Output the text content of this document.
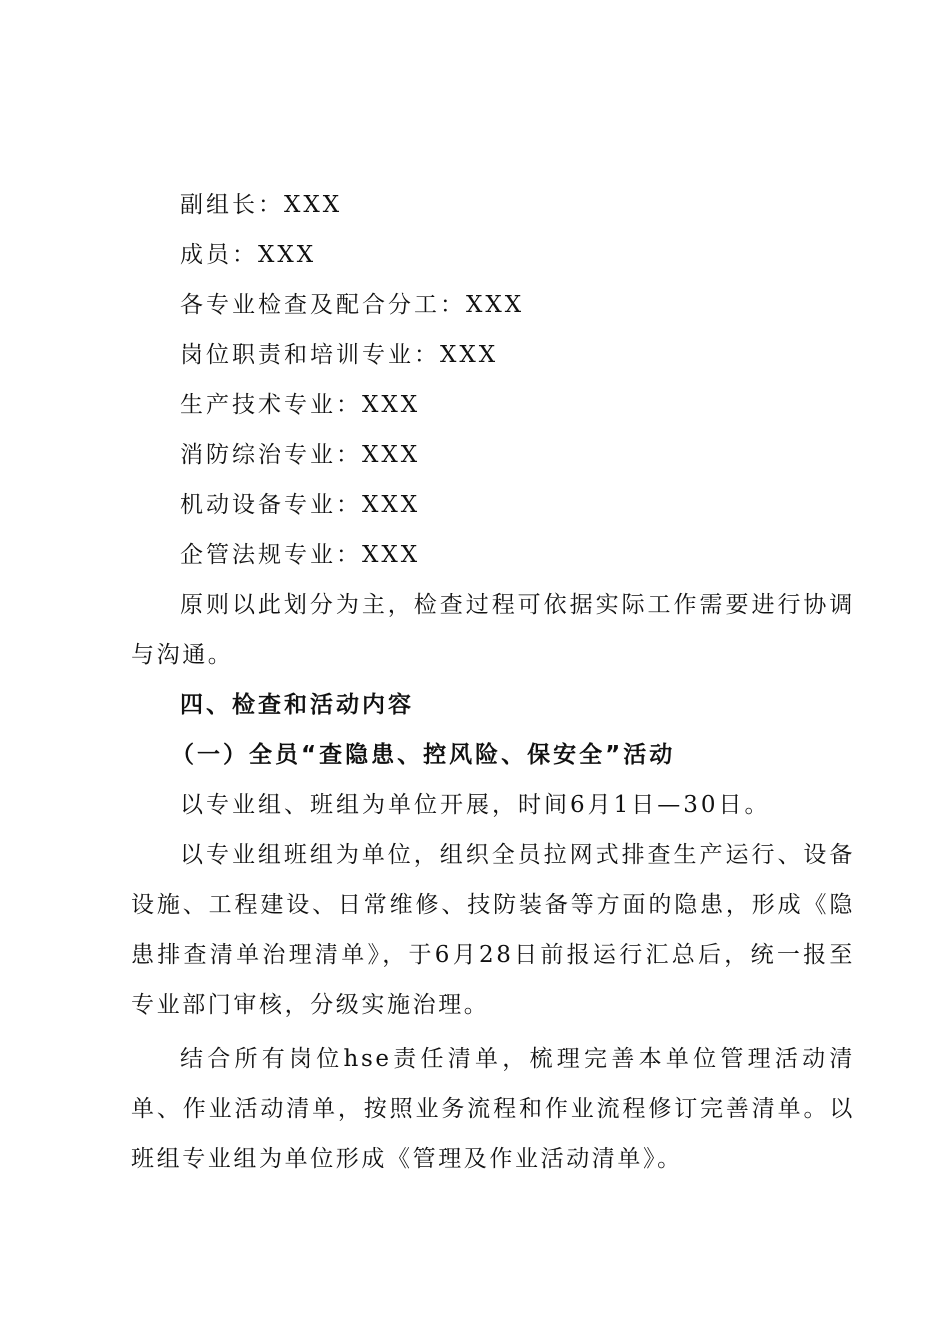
副组长：XXX
成员：XXX
各专业检查及配合分工：XXX
岗位职责和培训专业：XXX
生产技术专业：XXX
消防综治专业：XXX
机动设备专业：XXX
企管法规专业：XXX

原则以此划分为主，检查过程可依据实际工作需要进行协调与沟通。

四、检查和活动内容
（一）全员“查隐患、控风险、保安全”活动
以专业组、班组为单位开展，时间6月1日—30日。

以专业组班组为单位，组织全员拉网式排查生产运行、设备设施、工程建设、日常维修、技防装备等方面的隐患，形成《隐患排查清单治理清单》，于6月28日前报运行汇总后，统一报至专业部门审核，分级实施治理。

结合所有岗位hse责任清单，梳理完善本单位管理活动清单、作业活动清单，按照业务流程和作业流程修订完善清单。以班组专业组为单位形成《管理及作业活动清单》。
